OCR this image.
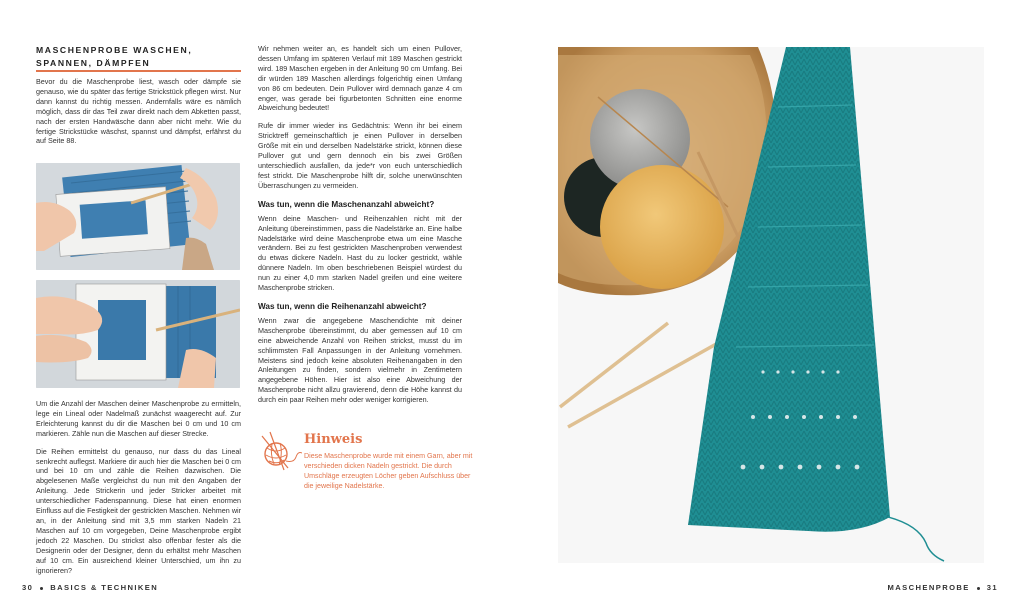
MASCHENPROBE WASCHEN, SPANNEN, DÄMPFEN

Bevor du die Maschenprobe liest, wasch oder dämpfe sie genauso, wie du später das fertige Strickstück pflegen wirst. Nur dann kannst du richtig messen. Andernfalls wäre es nämlich möglich, dass dir das Teil zwar direkt nach dem Abketten passt, nach der ersten Handwäsche dann aber nicht mehr. Wie du fertige Strickstücke wäschst, spannst und dämpfst, erfährst du auf Seite 88.

Um die Anzahl der Maschen deiner Maschenprobe zu ermitteln, lege ein Lineal oder Nadelmaß zunächst waagerecht auf. Zur Erleichterung kannst du dir die Maschen bei 0 cm und 10 cm markieren. Zähle nun die Maschen auf dieser Strecke.

Die Reihen ermittelst du genauso, nur dass du das Lineal senkrecht auflegst. Markiere dir auch hier die Maschen bei 0 cm und bei 10 cm und zähle die Reihen dazwischen. Die abgelesenen Maße vergleichst du nun mit den Angaben der Anleitung. Jede Strickerin und jeder Stricker arbeitet mit unterschiedlicher Fadenspannung. Diese hat einen enormen Einfluss auf die Festigkeit der gestrickten Maschen. Nehmen wir an, in der Anleitung sind mit 3,5 mm starken Nadeln 21 Maschen auf 10 cm vorgegeben, Deine Maschenprobe ergibt jedoch 22 Maschen. Du strickst also offenbar fester als die Designerin oder der Designer, denn du erhältst mehr Maschen auf 10 cm. Ein ausreichend kleiner Unterschied, um ihn zu ignorieren?

Wir nehmen weiter an, es handelt sich um einen Pullover, dessen Umfang im späteren Verlauf mit 189 Maschen gestrickt wird. 189 Maschen ergeben in der Anleitung 90 cm Umfang. Bei dir würden 189 Maschen allerdings folgerichtig einen Umfang von 86 cm bedeuten. Dein Pullover wird demnach ganze 4 cm enger, was gerade bei figurbetonten Schnitten eine enorme Abweichung bedeutet!

Rufe dir immer wieder ins Gedächtnis: Wenn ihr bei einem Stricktreff gemeinschaftlich je einen Pullover in derselben Größe mit ein und derselben Nadelstärke strickt, können diese Pullover gut und gern dennoch ein bis zwei Größen unterschiedlich ausfallen, da jede*r von euch unterschiedlich fest strickt. Die Maschenprobe hilft dir, solche unerwünschten Überraschungen zu vermeiden.

Was tun, wenn die Maschenanzahl abweicht?

Wenn deine Maschen- und Reihenzahlen nicht mit der Anleitung übereinstimmen, pass die Nadelstärke an. Eine halbe Nadelstärke wird deine Maschenprobe etwa um eine Masche verändern. Bei zu fest gestrickten Maschenproben verwendest du etwas dickere Nadeln. Hast du zu locker gestrickt, wähle dünnere Nadeln. Im oben beschriebenen Beispiel würdest du nun zu einer 4,0 mm starken Nadel greifen und eine weitere Maschenprobe stricken.

Was tun, wenn die Reihenanzahl abweicht?

Wenn zwar die angegebene Maschendichte mit deiner Maschenprobe übereinstimmt, du aber gemessen auf 10 cm eine abweichende Anzahl von Reihen strickst, musst du im schlimmsten Fall Anpassungen in der Anleitung vornehmen. Meistens sind jedoch keine absoluten Reihenangaben in den Anleitungen zu finden, sondern vielmehr in Zentimetern angegebene Höhen. Hier ist also eine Abweichung der Maschenprobe nicht allzu gravierend, denn die Höhe kannst du durch ein paar Reihen mehr oder weniger korrigieren.

Hinweis
Diese Maschenprobe wurde mit einem Garn, aber mit verschieden dicken Nadeln gestrickt. Die durch Umschläge erzeugten Löcher geben Aufschluss über die jeweilige Nadelstärke.
30 BASICS & TECHNIKEN	MASCHENPROBE 31
